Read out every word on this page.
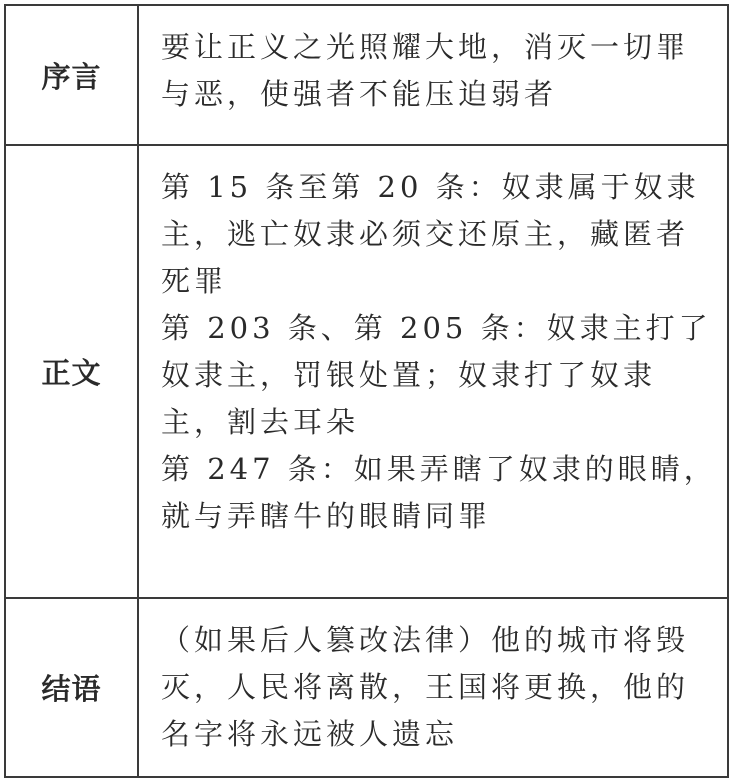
序言	要让正义之光照耀大地，消灭一切罪与恶，使强者不能压迫弱者

正文	第 15 条至第 20 条：奴隶属于奴隶主，逃亡奴隶必须交还原主，藏匿者死罪
第 203 条、第 205 条：奴隶主打了奴隶主，罚银处置；奴隶打了奴隶主，割去耳朵
第 247 条：如果弄瞎了奴隶的眼睛，就与弄瞎牛的眼睛同罪

结语	（如果后人篡改法律）他的城市将毁灭，人民将离散，王国将更换，他的名字将永远被人遗忘
